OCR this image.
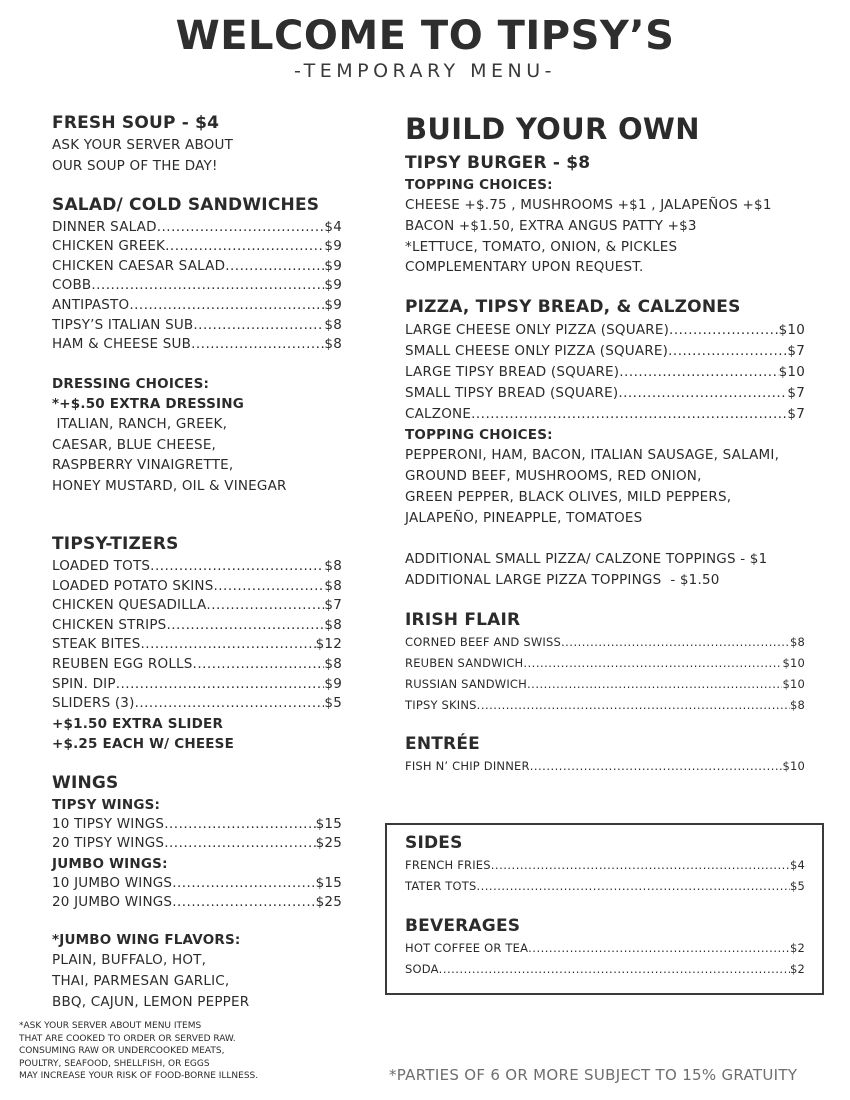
WELCOME TO TIPSY’S
-TEMPORARY MENU-
FRESH SOUP - $4
ASK YOUR SERVER ABOUT
OUR SOUP OF THE DAY!
SALAD/ COLD SANDWICHES
DINNER SALAD .....	$4
CHICKEN GREEK .....	$9
CHICKEN CAESAR SALAD .....	$9
COBB .....	$9
ANTIPASTO .....	$9
TIPSY’S ITALIAN SUB .....	$8
HAM & CHEESE SUB .....	$8
DRESSING CHOICES:
*+$.50 EXTRA DRESSING
ITALIAN, RANCH, GREEK,
CAESAR, BLUE CHEESE,
RASPBERRY VINAIGRETTE,
HONEY MUSTARD, OIL & VINEGAR
TIPSY-TIZERS
LOADED TOTS .....	$8
LOADED POTATO SKINS .....	$8
CHICKEN QUESADILLA .....	$7
CHICKEN STRIPS .....	$8
STEAK BITES .....	$12
REUBEN EGG ROLLS .....	$8
SPIN. DIP .....	$9
SLIDERS (3) .....	$5
+$1.50 EXTRA SLIDER
+$.25 EACH W/ CHEESE
WINGS
TIPSY WINGS:
10 TIPSY WINGS .....	$15
20 TIPSY WINGS .....	$25
JUMBO WINGS:
10 JUMBO WINGS .....	$15
20 JUMBO WINGS .....	$25
*JUMBO WING FLAVORS:
PLAIN, BUFFALO, HOT,
THAI, PARMESAN GARLIC,
BBQ, CAJUN, LEMON PEPPER
BUILD YOUR OWN
TIPSY BURGER - $8
TOPPING CHOICES:
CHEESE +$.75 , MUSHROOMS +$1 , JALAPEÑOS +$1
BACON +$1.50, EXTRA ANGUS PATTY +$3
*LETTUCE, TOMATO, ONION, & PICKLES
COMPLEMENTARY UPON REQUEST.
PIZZA, TIPSY BREAD, & CALZONES
LARGE CHEESE ONLY PIZZA (SQUARE) .....	$10
SMALL CHEESE ONLY PIZZA (SQUARE) .....	$7
LARGE TIPSY BREAD (SQUARE) .....	$10
SMALL TIPSY BREAD (SQUARE) .....	$7
CALZONE .....	$7
TOPPING CHOICES:
PEPPERONI, HAM, BACON, ITALIAN SAUSAGE, SALAMI,
GROUND BEEF, MUSHROOMS, RED ONION,
GREEN PEPPER, BLACK OLIVES, MILD PEPPERS,
JALAPEÑO, PINEAPPLE, TOMATOES
ADDITIONAL SMALL PIZZA/ CALZONE TOPPINGS - $1
ADDITIONAL LARGE PIZZA TOPPINGS  - $1.50
IRISH FLAIR
CORNED BEEF AND SWISS .....	$8
REUBEN SANDWICH .....	$10
RUSSIAN SANDWICH .....	$10
TIPSY SKINS .....	$8
ENTRÉE
FISH N’ CHIP DINNER .....	$10
SIDES
FRENCH FRIES .....	$4
TATER TOTS .....	$5
BEVERAGES
HOT COFFEE OR TEA .....	$2
SODA .....	$2
*ASK YOUR SERVER ABOUT MENU ITEMS
THAT ARE COOKED TO ORDER OR SERVED RAW.
CONSUMING RAW OR UNDERCOOKED MEATS,
POULTRY, SEAFOOD, SHELLFISH, OR EGGS
MAY INCREASE YOUR RISK OF FOOD-BORNE ILLNESS.	*PARTIES OF 6 OR MORE SUBJECT TO 15% GRATUITY
